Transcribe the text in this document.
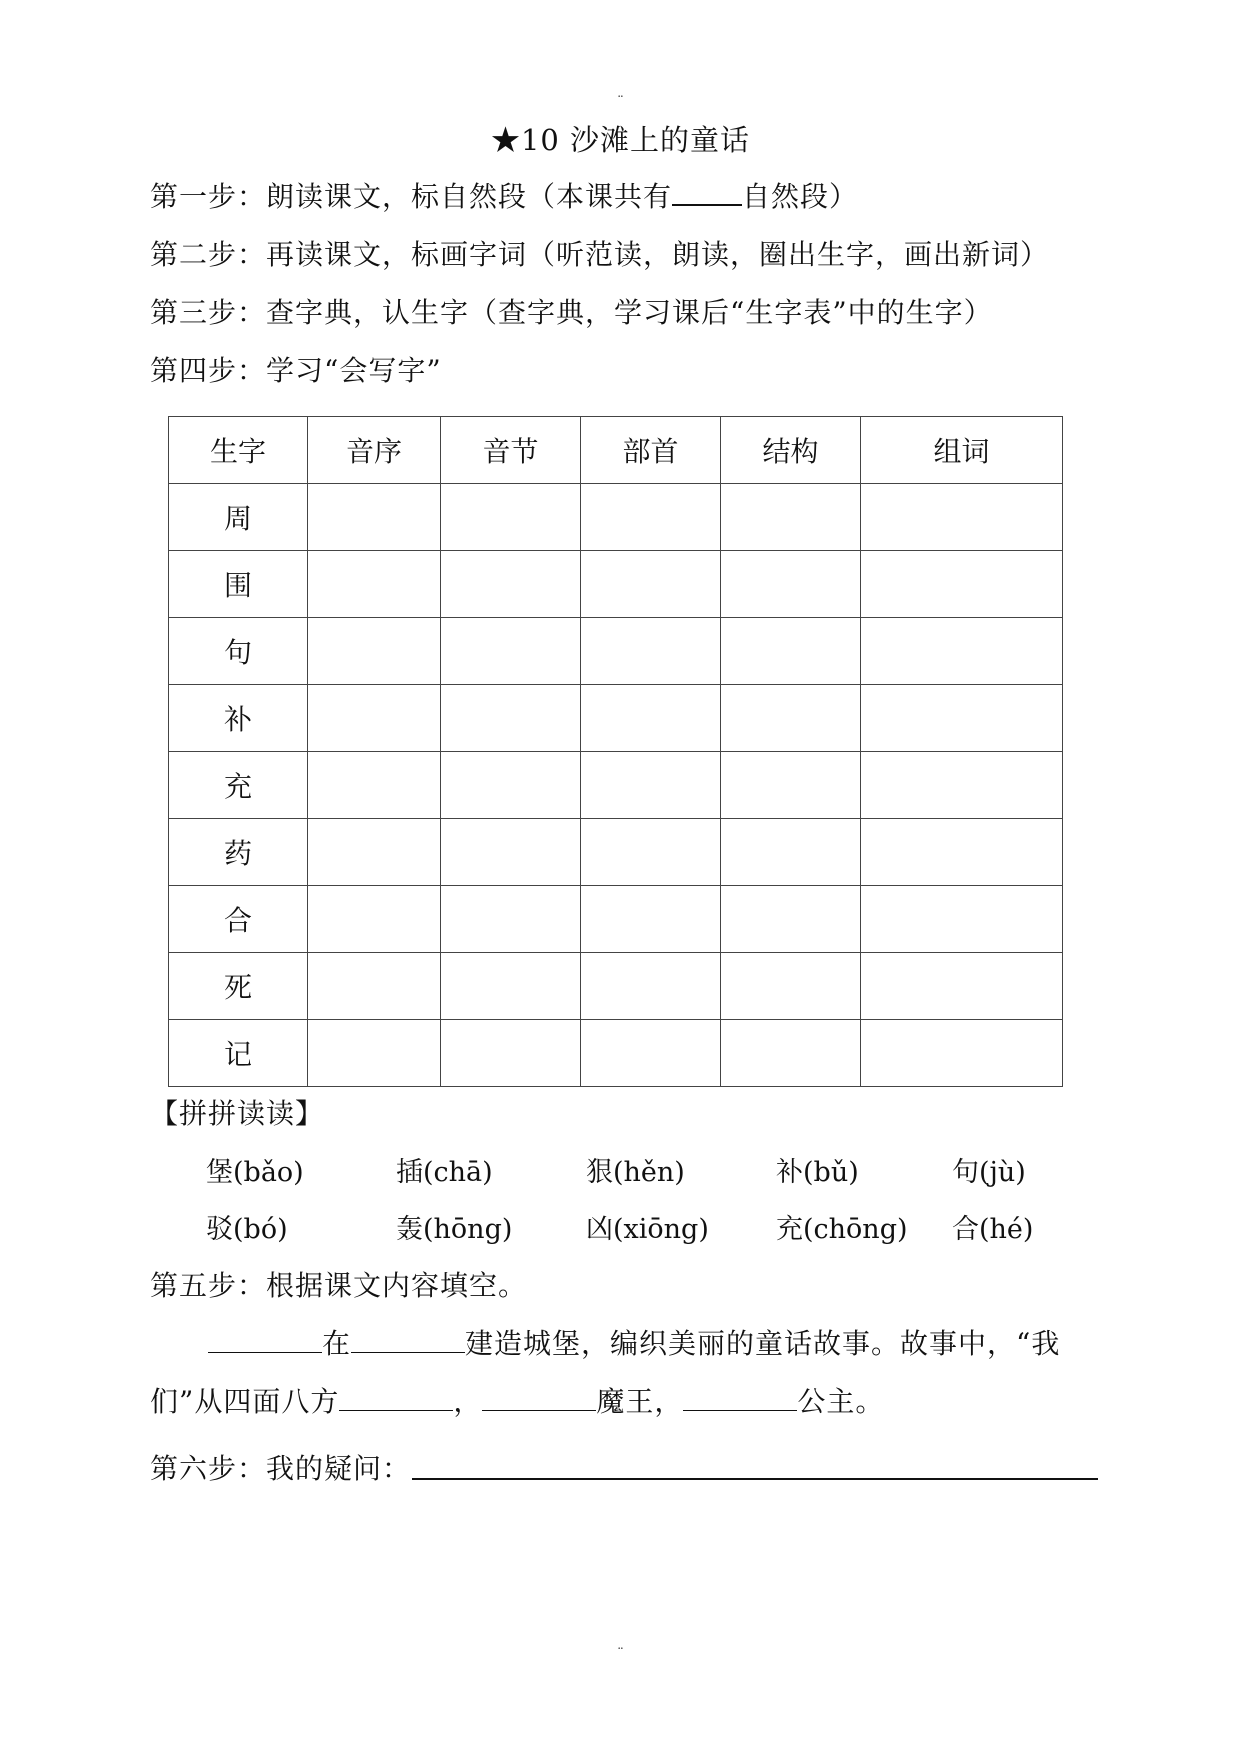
¨
★10 沙滩上的童话
第一步：朗读课文，标自然段（本课共有	自然段）
第二步：再读课文，标画字词（听范读，朗读，圈出生字，画出新词）
第三步：查字典，认生字（查字典，学习课后“生字表”中的生字）
第四步：学习“会写字”
生字	音序	音节	部首	结构	组词
周					
围					
句					
补					
充					
药					
合					
死					
记					
【拼拼读读】
堡(bǎo)	插(chā)	狠(hěn)	补(bǔ)	句(jù)
驳(bó)	轰(hōng)	凶(xiōng) 充(chōng) 合(hé)
第五步：根据课文内容填空。
在	建造城堡，编织美丽的童话故事。故事中，“我
们”从四面八方	，	魔王，	公主。
第六步：我的疑问：
¨
